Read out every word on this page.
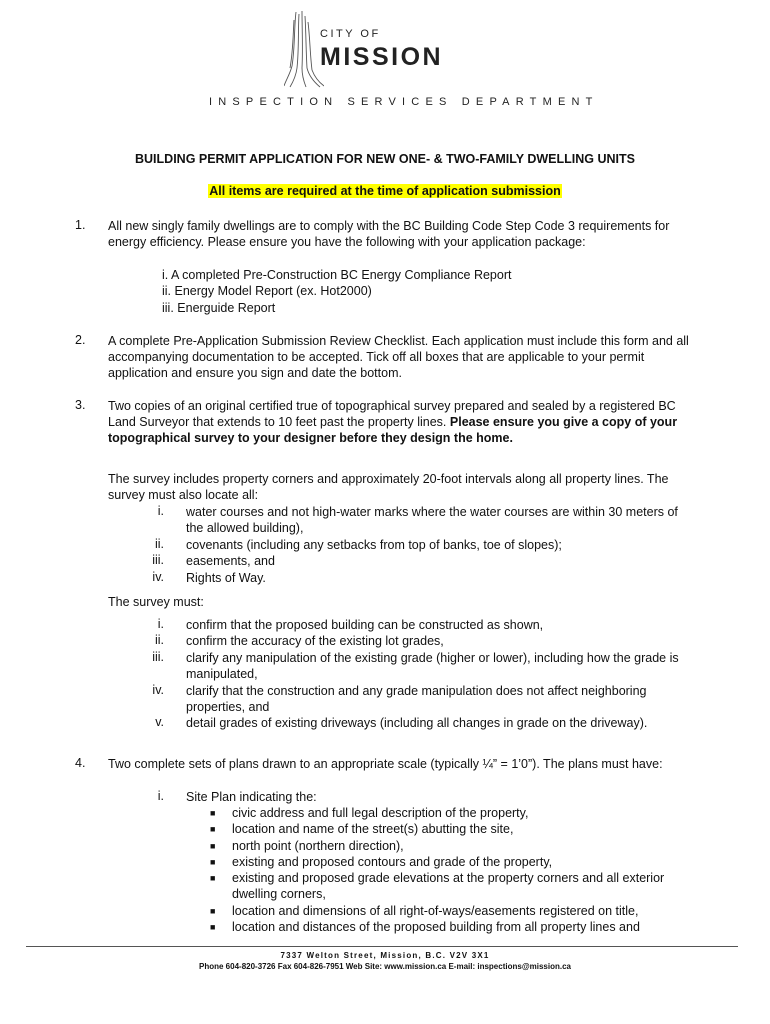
CITY OF
MISSION
INSPECTION SERVICES DEPARTMENT
BUILDING PERMIT APPLICATION FOR NEW ONE- & TWO-FAMILY DWELLING UNITS
All items are required at the time of application submission
1. All new singly family dwellings are to comply with the BC Building Code Step Code 3 requirements for energy efficiency. Please ensure you have the following with your application package:
i. A completed Pre-Construction BC Energy Compliance Report
ii. Energy Model Report (ex. Hot2000)
iii. Energuide Report
2. A complete Pre-Application Submission Review Checklist. Each application must include this form and all accompanying documentation to be accepted. Tick off all boxes that are applicable to your permit application and ensure you sign and date the bottom.
3. Two copies of an original certified true of topographical survey prepared and sealed by a registered BC Land Surveyor that extends to 10 feet past the property lines. Please ensure you give a copy of your topographical survey to your designer before they design the home.
The survey includes property corners and approximately 20-foot intervals along all property lines. The survey must also locate all:
i. water courses and not high-water marks where the water courses are within 30 meters of the allowed building),
ii. covenants (including any setbacks from top of banks, toe of slopes);
iii. easements, and
iv. Rights of Way.
The survey must:
i. confirm that the proposed building can be constructed as shown,
ii. confirm the accuracy of the existing lot grades,
iii. clarify any manipulation of the existing grade (higher or lower), including how the grade is manipulated,
iv. clarify that the construction and any grade manipulation does not affect neighboring properties, and
v. detail grades of existing driveways (including all changes in grade on the driveway).
4. Two complete sets of plans drawn to an appropriate scale (typically ¼” = 1’0”). The plans must have:
i. Site Plan indicating the:
■ civic address and full legal description of the property,
■ location and name of the street(s) abutting the site,
■ north point (northern direction),
■ existing and proposed contours and grade of the property,
■ existing and proposed grade elevations at the property corners and all exterior dwelling corners,
■ location and dimensions of all right-of-ways/easements registered on title,
■ location and distances of the proposed building from all property lines and
7337 Welton Street, Mission, B.C. V2V 3X1
Phone 604-820-3726 Fax 604-826-7951 Web Site: www.mission.ca E-mail: inspections@mission.ca
